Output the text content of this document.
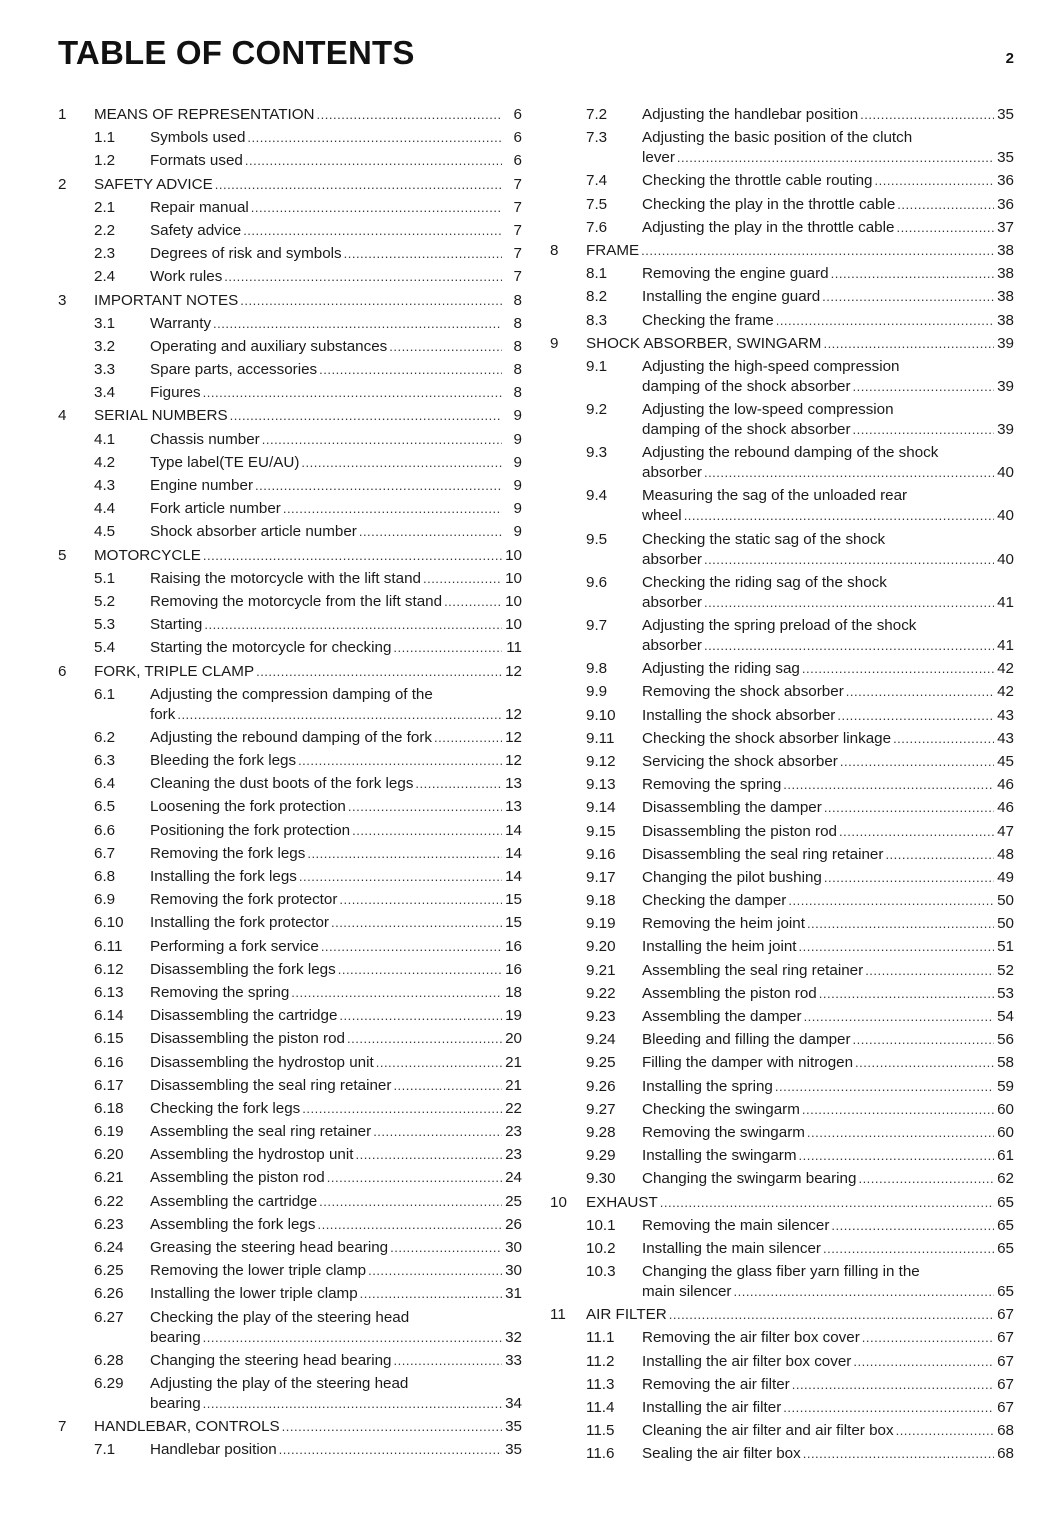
TABLE OF CONTENTS	2
1	MEANS OF REPRESENTATION .....	6
1.1	Symbols used .....	6
1.2	Formats used .....	6
2	SAFETY ADVICE .....	7
2.1	Repair manual .....	7
2.2	Safety advice .....	7
2.3	Degrees of risk and symbols .....	7
2.4	Work rules .....	7
3	IMPORTANT NOTES .....	8
3.1	Warranty .....	8
3.2	Operating and auxiliary substances .....	8
3.3	Spare parts, accessories .....	8
3.4	Figures .....	8
4	SERIAL NUMBERS .....	9
4.1	Chassis number .....	9
4.2	Type label(TE EU/AU) .....	9
4.3	Engine number .....	9
4.4	Fork article number .....	9
4.5	Shock absorber article number .....	9
5	MOTORCYCLE .....	10
5.1	Raising the motorcycle with the lift stand .....	10
5.2	Removing the motorcycle from the lift stand .....	10
5.3	Starting .....	10
5.4	Starting the motorcycle for checking .....	11
6	FORK, TRIPLE CLAMP .....	12
6.1	Adjusting the compression damping of the
fork .....	12
6.2	Adjusting the rebound damping of the fork .....	12
6.3	Bleeding the fork legs .....	12
6.4	Cleaning the dust boots of the fork legs .....	13
6.5	Loosening the fork protection .....	13
6.6	Positioning the fork protection .....	14
6.7	Removing the fork legs .....	14
6.8	Installing the fork legs .....	14
6.9	Removing the fork protector .....	15
6.10	Installing the fork protector .....	15
6.11	Performing a fork service .....	16
6.12	Disassembling the fork legs .....	16
6.13	Removing the spring .....	18
6.14	Disassembling the cartridge .....	19
6.15	Disassembling the piston rod .....	20
6.16	Disassembling the hydrostop unit .....	21
6.17	Disassembling the seal ring retainer .....	21
6.18	Checking the fork legs .....	22
6.19	Assembling the seal ring retainer .....	23
6.20	Assembling the hydrostop unit .....	23
6.21	Assembling the piston rod .....	24
6.22	Assembling the cartridge .....	25
6.23	Assembling the fork legs .....	26
6.24	Greasing the steering head bearing .....	30
6.25	Removing the lower triple clamp .....	30
6.26	Installing the lower triple clamp .....	31
6.27	Checking the play of the steering head
bearing .....	32
6.28	Changing the steering head bearing .....	33
6.29	Adjusting the play of the steering head
bearing .....	34
7	HANDLEBAR, CONTROLS .....	35
7.1	Handlebar position .....	35
7.2	Adjusting the handlebar position .....	35
7.3	Adjusting the basic position of the clutch
lever .....	35
7.4	Checking the throttle cable routing .....	36
7.5	Checking the play in the throttle cable .....	36
7.6	Adjusting the play in the throttle cable .....	37
8	FRAME .....	38
8.1	Removing the engine guard .....	38
8.2	Installing the engine guard .....	38
8.3	Checking the frame .....	38
9	SHOCK ABSORBER, SWINGARM .....	39
9.1	Adjusting the high-speed compression
damping of the shock absorber .....	39
9.2	Adjusting the low-speed compression
damping of the shock absorber .....	39
9.3	Adjusting the rebound damping of the shock
absorber .....	40
9.4	Measuring the sag of the unloaded rear
wheel .....	40
9.5	Checking the static sag of the shock
absorber .....	40
9.6	Checking the riding sag of the shock
absorber .....	41
9.7	Adjusting the spring preload of the shock
absorber .....	41
9.8	Adjusting the riding sag .....	42
9.9	Removing the shock absorber .....	42
9.10	Installing the shock absorber .....	43
9.11	Checking the shock absorber linkage .....	43
9.12	Servicing the shock absorber .....	45
9.13	Removing the spring .....	46
9.14	Disassembling the damper .....	46
9.15	Disassembling the piston rod .....	47
9.16	Disassembling the seal ring retainer .....	48
9.17	Changing the pilot bushing .....	49
9.18	Checking the damper .....	50
9.19	Removing the heim joint .....	50
9.20	Installing the heim joint .....	51
9.21	Assembling the seal ring retainer .....	52
9.22	Assembling the piston rod .....	53
9.23	Assembling the damper .....	54
9.24	Bleeding and filling the damper .....	56
9.25	Filling the damper with nitrogen .....	58
9.26	Installing the spring .....	59
9.27	Checking the swingarm .....	60
9.28	Removing the swingarm .....	60
9.29	Installing the swingarm .....	61
9.30	Changing the swingarm bearing .....	62
10	EXHAUST .....	65
10.1	Removing the main silencer .....	65
10.2	Installing the main silencer .....	65
10.3	Changing the glass fiber yarn filling in the
main silencer .....	65
11	AIR FILTER .....	67
11.1	Removing the air filter box cover .....	67
11.2	Installing the air filter box cover .....	67
11.3	Removing the air filter .....	67
11.4	Installing the air filter .....	67
11.5	Cleaning the air filter and air filter box .....	68
11.6	Sealing the air filter box .....	68
